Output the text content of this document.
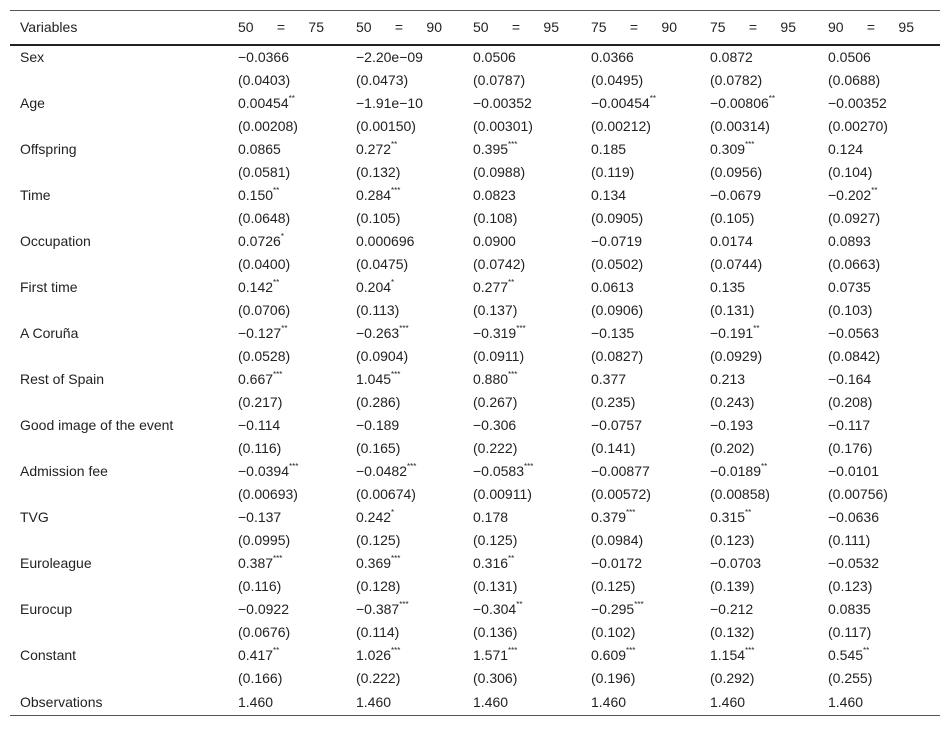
Variables	50 = 75	50 = 90	50 = 95	75 = 90	75 = 95	90 = 95

Sex	−0.0366	−2.20e−09	0.0506	0.0366	0.0872	0.0506
	(0.0403)	(0.0473)	(0.0787)	(0.0495)	(0.0782)	(0.0688)
Age	0.00454**	−1.91e−10	−0.00352	−0.00454**	−0.00806**	−0.00352
	(0.00208)	(0.00150)	(0.00301)	(0.00212)	(0.00314)	(0.00270)
Offspring	0.0865	0.272**	0.395***	0.185	0.309***	0.124
	(0.0581)	(0.132)	(0.0988)	(0.119)	(0.0956)	(0.104)
Time	0.150**	0.284***	0.0823	0.134	−0.0679	−0.202**
	(0.0648)	(0.105)	(0.108)	(0.0905)	(0.105)	(0.0927)
Occupation	0.0726*	0.000696	0.0900	−0.0719	0.0174	0.0893
	(0.0400)	(0.0475)	(0.0742)	(0.0502)	(0.0744)	(0.0663)
First time	0.142**	0.204*	0.277**	0.0613	0.135	0.0735
	(0.0706)	(0.113)	(0.137)	(0.0906)	(0.131)	(0.103)
A Coruña	−0.127**	−0.263***	−0.319***	−0.135	−0.191**	−0.0563
	(0.0528)	(0.0904)	(0.0911)	(0.0827)	(0.0929)	(0.0842)
Rest of Spain	0.667***	1.045***	0.880***	0.377	0.213	−0.164
	(0.217)	(0.286)	(0.267)	(0.235)	(0.243)	(0.208)
Good image of the event	−0.114	−0.189	−0.306	−0.0757	−0.193	−0.117
	(0.116)	(0.165)	(0.222)	(0.141)	(0.202)	(0.176)
Admission fee	−0.0394***	−0.0482***	−0.0583***	−0.00877	−0.0189**	−0.0101
	(0.00693)	(0.00674)	(0.00911)	(0.00572)	(0.00858)	(0.00756)
TVG	−0.137	0.242*	0.178	0.379***	0.315**	−0.0636
	(0.0995)	(0.125)	(0.125)	(0.0984)	(0.123)	(0.111)
Euroleague	0.387***	0.369***	0.316**	−0.0172	−0.0703	−0.0532
	(0.116)	(0.128)	(0.131)	(0.125)	(0.139)	(0.123)
Eurocup	−0.0922	−0.387***	−0.304**	−0.295***	−0.212	0.0835
	(0.0676)	(0.114)	(0.136)	(0.102)	(0.132)	(0.117)
Constant	0.417**	1.026***	1.571***	0.609***	1.154***	0.545**
	(0.166)	(0.222)	(0.306)	(0.196)	(0.292)	(0.255)
Observations	1.460	1.460	1.460	1.460	1.460	1.460
